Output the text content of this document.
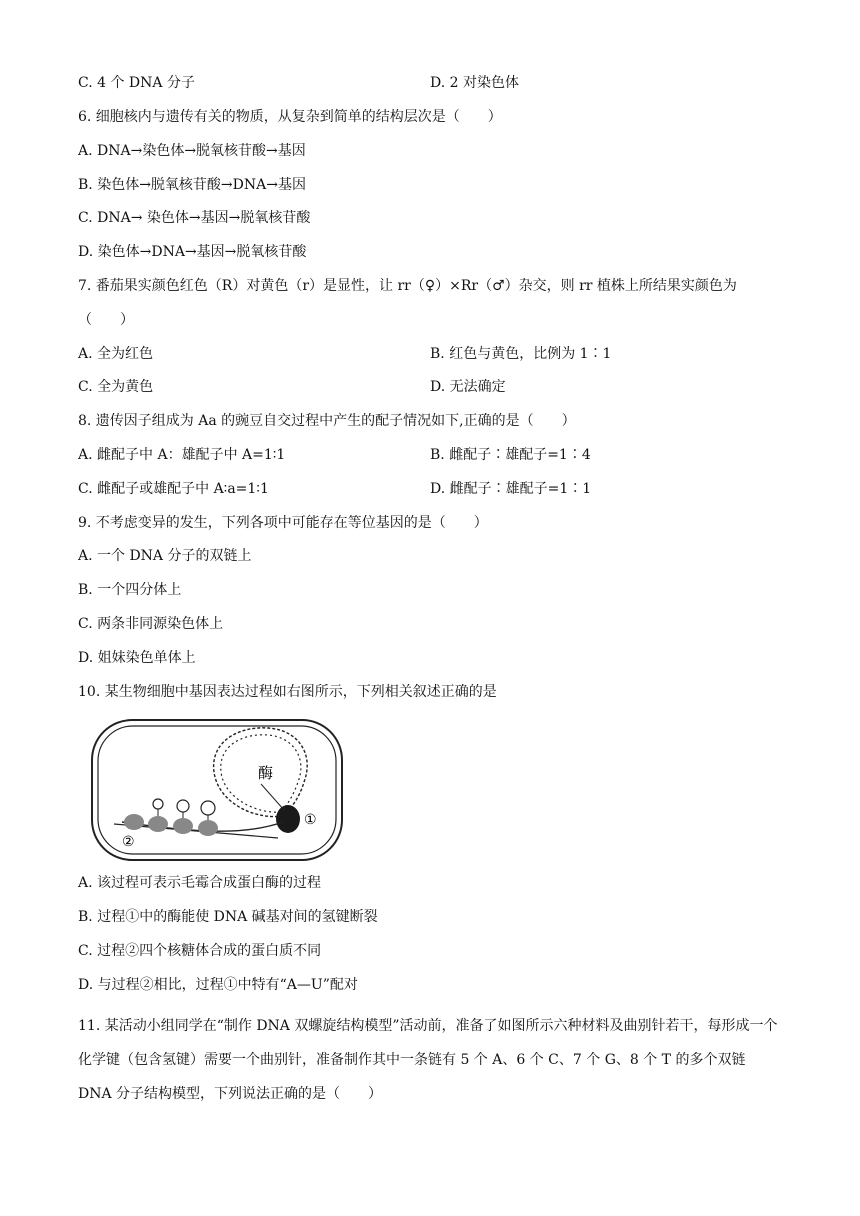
C. 4 个 DNA 分子	D. 2 对染色体
6. 细胞核内与遗传有关的物质，从复杂到简单的结构层次是（　　）
A. DNA→染色体→脱氧核苷酸→基因
B. 染色体→脱氧核苷酸→DNA→基因
C. DNA→ 染色体→基因→脱氧核苷酸
D. 染色体→DNA→基因→脱氧核苷酸
7. 番茄果实颜色红色（R）对黄色（r）是显性，让 rr（♀）×Rr（♂）杂交，则 rr 植株上所结果实颜色为
（　　）
A. 全为红色	B. 红色与黄色，比例为 1∶1
C. 全为黄色	D. 无法确定
8. 遗传因子组成为 Aa 的豌豆自交过程中产生的配子情况如下,正确的是（　　）
A. 雌配子中 A：雄配子中 A=1∶1	B. 雌配子∶雄配子=1∶4
C. 雌配子或雄配子中 A∶a=1∶1	D. 雌配子∶雄配子=1∶1
9. 不考虑变异的发生，下列各项中可能存在等位基因的是（　　）
A. 一个 DNA 分子的双链上
B. 一个四分体上
C. 两条非同源染色体上
D. 姐妹染色单体上
10. 某生物细胞中基因表达过程如右图所示，下列相关叙述正确的是
酶
①
②
A. 该过程可表示毛霉合成蛋白酶的过程
B. 过程①中的酶能使 DNA 碱基对间的氢键断裂
C. 过程②四个核糖体合成的蛋白质不同
D. 与过程②相比，过程①中特有“A—U”配对
11. 某活动小组同学在“制作 DNA 双螺旋结构模型”活动前，准备了如图所示六种材料及曲别针若干，每形成一个化学键（包含氢键）需要一个曲别针，准备制作其中一条链有 5 个 A、6 个 C、7 个 G、8 个 T 的多个双链 DNA 分子结构模型，下列说法正确的是（　　）
